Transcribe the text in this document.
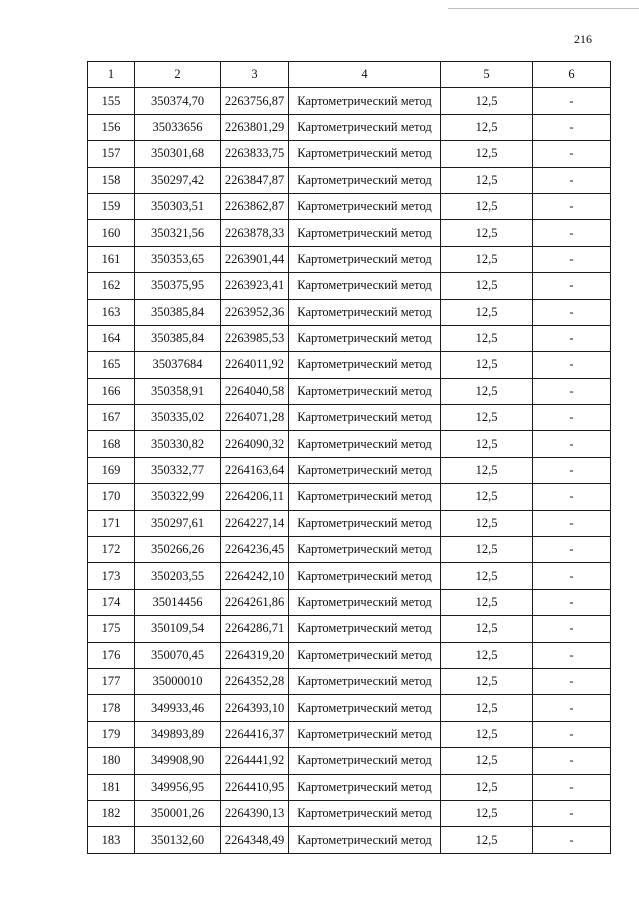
216
1	2	3	4	5	6
155	350374,70	2263756,87	Картометрический метод	12,5	-
156	35033656	2263801,29	Картометрический метод	12,5	-
157	350301,68	2263833,75	Картометрический метод	12,5	-
158	350297,42	2263847,87	Картометрический метод	12,5	-
159	350303,51	2263862,87	Картометрический метод	12,5	-
160	350321,56	2263878,33	Картометрический метод	12,5	-
161	350353,65	2263901,44	Картометрический метод	12,5	-
162	350375,95	2263923,41	Картометрический метод	12,5	-
163	350385,84	2263952,36	Картометрический метод	12,5	-
164	350385,84	2263985,53	Картометрический метод	12,5	-
165	35037684	2264011,92	Картометрический метод	12,5	-
166	350358,91	2264040,58	Картометрический метод	12,5	-
167	350335,02	2264071,28	Картометрический метод	12,5	-
168	350330,82	2264090,32	Картометрический метод	12,5	-
169	350332,77	2264163,64	Картометрический метод	12,5	-
170	350322,99	2264206,11	Картометрический метод	12,5	-
171	350297,61	2264227,14	Картометрический метод	12,5	-
172	350266,26	2264236,45	Картометрический метод	12,5	-
173	350203,55	2264242,10	Картометрический метод	12,5	-
174	35014456	2264261,86	Картометрический метод	12,5	-
175	350109,54	2264286,71	Картометрический метод	12,5	-
176	350070,45	2264319,20	Картометрический метод	12,5	-
177	35000010	2264352,28	Картометрический метод	12,5	-
178	349933,46	2264393,10	Картометрический метод	12,5	-
179	349893,89	2264416,37	Картометрический метод	12,5	-
180	349908,90	2264441,92	Картометрический метод	12,5	-
181	349956,95	2264410,95	Картометрический метод	12,5	-
182	350001,26	2264390,13	Картометрический метод	12,5	-
183	350132,60	2264348,49	Картометрический метод	12,5	-
